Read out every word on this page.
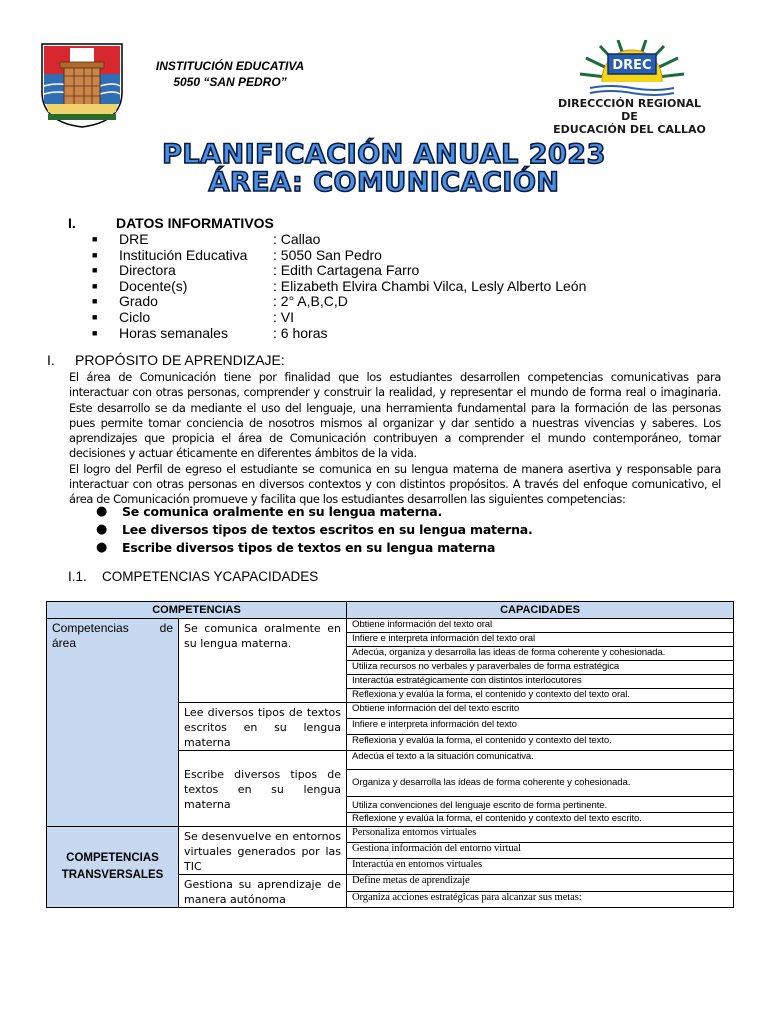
INSTITUCIÓN EDUCATIVA
5050 “SAN PEDRO”
DREC
DIRECCCIÓN REGIONAL DE
EDUCACIÓN DEL CALLAO
PLANIFICACIÓN ANUAL 2023
ÁREA: COMUNICACIÓN
I.	DATOS INFORMATIVOS
■	DRE	: Callao
■	Institución Educativa	: 5050 San Pedro
■	Directora	: Edith Cartagena Farro
■	Docente(s)	: Elizabeth Elvira Chambi Vilca, Lesly Alberto León
■	Grado	: 2° A,B,C,D
■	Ciclo	: VI
■	Horas semanales	: 6 horas
I. PROPÓSITO DE APRENDIZAJE:

El área de Comunicación tiene por finalidad que los estudiantes desarrollen competencias comunicativas para interactuar con otras personas, comprender y construir la realidad, y representar el mundo de forma real o imaginaria. Este desarrollo se da mediante el uso del lenguaje, una herramienta fundamental para la formación de las personas pues permite tomar conciencia de nosotros mismos al organizar y dar sentido a nuestras vivencias y saberes. Los aprendizajes que propicia el área de Comunicación contribuyen a comprender el mundo contemporáneo, tomar decisiones y actuar éticamente en diferentes ámbitos de la vida.

El logro del Perfil de egreso el estudiante se comunica en su lengua materna de manera asertiva y responsable para interactuar con otras personas en diversos contextos y con distintos propósitos. A través del enfoque comunicativo, el área de Comunicación promueve y facilita que los estudiantes desarrollen las siguientes competencias:

●	Se comunica oralmente en su lengua materna.
●	Lee diversos tipos de textos escritos en su lengua materna.
●	Escribe diversos tipos de textos en su lengua materna
I.1. COMPETENCIAS YCAPACIDADES
COMPETENCIAS		CAPACIDADES

Competencias de
área	Se comunica oralmente en su lengua materna.	Obtiene información del texto oral
		Infiere e interpreta información del texto oral
		Adecúa, organiza y desarrolla las ideas de forma coherente y cohesionada.
		Utiliza recursos no verbales y paraverbales de forma estratégica
		Interactúa estratégicamente con distintos interlocutores
		Reflexiona y evalúa la forma, el contenido y contexto del texto oral.
	Lee diversos tipos de textos escritos en su lengua materna	Obtiene información del del texto escrito
		Infiere e interpreta información del texto
		Reflexiona y evalúa la forma, el contenido y contexto del texto.
	Escribe diversos tipos de textos en su lengua materna	Adecúa el texto a la situación comunicativa.
		Organiza y desarrolla las ideas de forma coherente y cohesionada.
		Utiliza convenciones del lenguaje escrito de forma pertinente.
		Reflexione y evalúa la forma, el contenido y contexto del texto escrito.

COMPETENCIAS
TRANSVERSALES	Se desenvuelve en entornos virtuales generados por las TIC	Personaliza entornos virtuales
		Gestiona información del entorno virtual
		Interactúa en entornos virtuales
	Gestiona su aprendizaje de manera autónoma	Define metas de aprendizaje
		Organiza acciones estratégicas para alcanzar sus metas:
